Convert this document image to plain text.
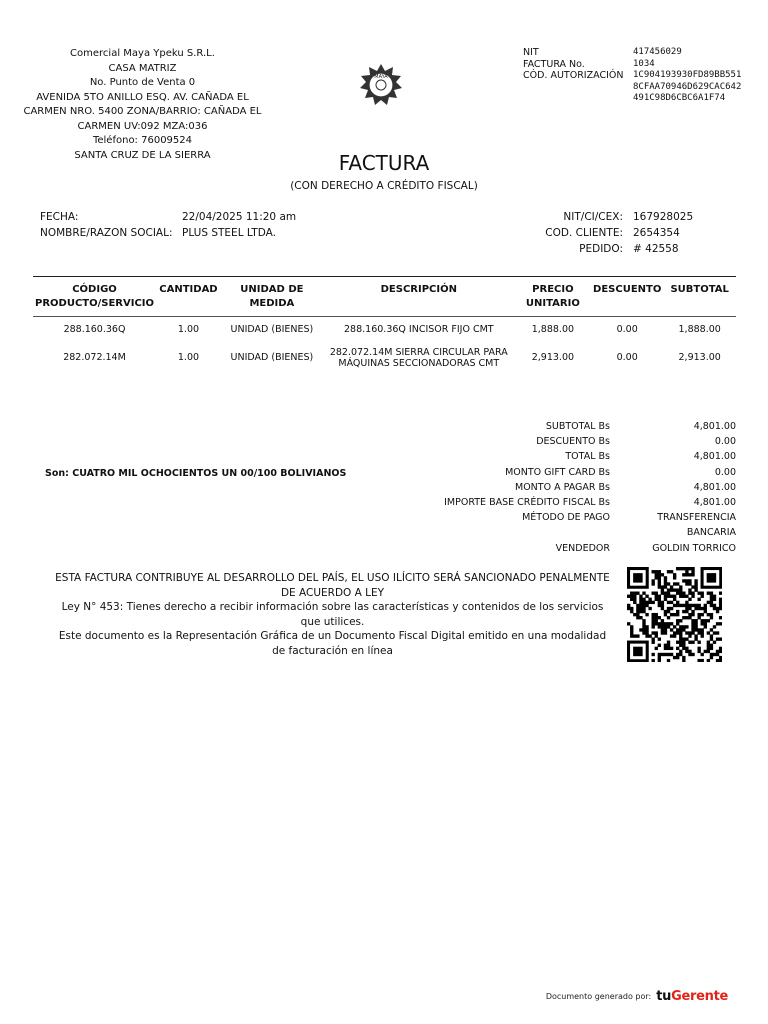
Comercial Maya Ypeku S.R.L.
CASA MATRIZ
No. Punto de Venta 0
AVENIDA 5TO ANILLO ESQ. AV. CAÑADA EL
CARMEN NRO. 5400 ZONA/BARRIO: CAÑADA EL
CARMEN UV:092 MZA:036
Teléfono: 76009524
SANTA CRUZ DE LA SIERRA
MAYA
NIT	417456029
FACTURA No.	1034
CÓD. AUTORIZACIÓN	1C904193930FD89BB5518CFAA70946D629CAC642491C98D6CBC6A1F74
FACTURA
(CON DERECHO A CRÉDITO FISCAL)
FECHA:	22/04/2025 11:20 am
NOMBRE/RAZON SOCIAL: PLUS STEEL LTDA.
NIT/CI/CEX: 167928025
COD. CLIENTE: 2654354
PEDIDO: # 42558
CÓDIGO PRODUCTO/SERVICIO	CANTIDAD	UNIDAD DE MEDIDA	DESCRIPCIÓN	PRECIO UNITARIO	DESCUENTO	SUBTOTAL
288.160.36Q	1.00	UNIDAD (BIENES)	288.160.36Q INCISOR FIJO CMT	1,888.00	0.00	1,888.00
282.072.14M	1.00	UNIDAD (BIENES)	282.072.14M SIERRA CIRCULAR PARA MÁQUINAS SECCIONADORAS CMT	2,913.00	0.00	2,913.00
Son: CUATRO MIL OCHOCIENTOS UN 00/100 BOLIVIANOS
SUBTOTAL Bs	4,801.00
DESCUENTO Bs	0.00
TOTAL Bs	4,801.00
MONTO GIFT CARD Bs	0.00
MONTO A PAGAR Bs	4,801.00
IMPORTE BASE CRÉDITO FISCAL Bs	4,801.00
MÉTODO DE PAGO	TRANSFERENCIA BANCARIA
VENDEDOR	GOLDIN TORRICO
ESTA FACTURA CONTRIBUYE AL DESARROLLO DEL PAÍS, EL USO ILÍCITO SERÁ SANCIONADO PENALMENTE DE ACUERDO A LEY
Ley N° 453: Tienes derecho a recibir información sobre las características y contenidos de los servicios que utilices.
Este documento es la Representación Gráfica de un Documento Fiscal Digital emitido en una modalidad de facturación en línea
Documento generado por: tuGerente
